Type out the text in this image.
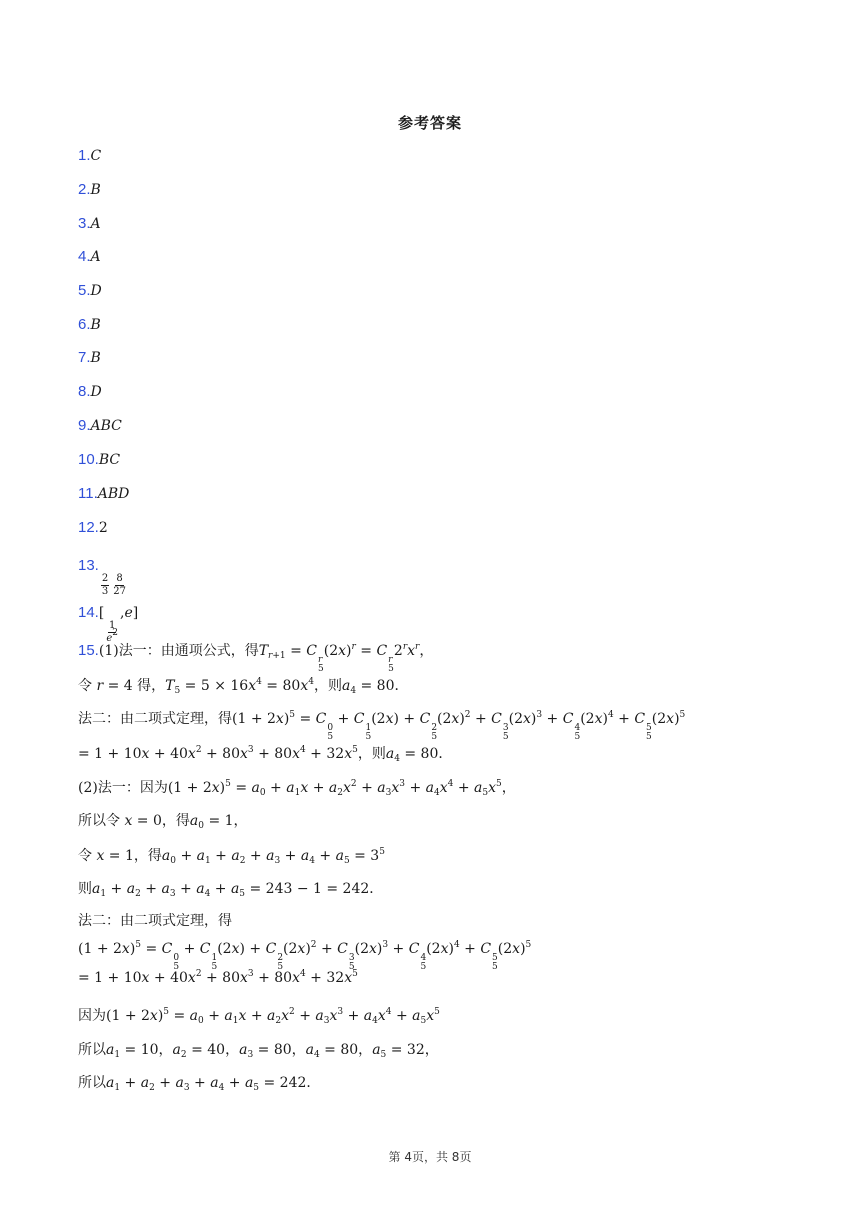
参考答案
1.C
2.B
3.A
4.A
5.D
6.B
7.B
8.D
9.ABC
10.BC
11.ABD
12.2
13.
$\frac{2}{3} \frac{8}{27}$
14.[
$\frac{1}{e^2}$
,e]
15.(1)法一：由通项公式，得$T_{r+1} = C$
r
5
$(2x)^r = C$
r
5
$2^rx^r$，
令 r = 4 得，$T_5 = 5 \times 16x^4 = 80x^4$，则$a_4 = 80$．
法二：由二项式定理，得$(1 + 2x)^5 = C$
0
5
+ C
1
5
(2x) + C
2
5
$(2x)^2 + C$
3
5
$(2x)^3 + C$
4
5
$(2x)^4 + C$
5
5
$(2x)^5$
= $1 + 10x + 40x^2 + 80x^3 + 80x^4 + 32x^5$，则$a_4 = 80$．
(2)法一：因为$(1 + 2x)^5 = a_0 + a_1x + a_2x^2 + a_3x^3 + a_4x^4 + a_5x^5$，
所以令 x = 0，得$a_0 = 1$，
令 x = 1，得$a_0 + a_1 + a_2 + a_3 + a_4 + a_5 = 3^5$
则$a_1 + a_2 + a_3 + a_4 + a_5 = 243 - 1 = 242$．
法二：由二项式定理，得
$(1 + 2x)^5 = C$
0
5
+ C
1
5
(2x) + C
2
5
$(2x)^2 + C$
3
5
$(2x)^3 + C$
4
5
$(2x)^4 + C$
5
5
$(2x)^5$
= $1 + 10x + 40x^2 + 80x^3 + 80x^4 + 32x^5$
因为$(1 + 2x)^5 = a_0 + a_1x + a_2x^2 + a_3x^3 + a_4x^4 + a_5x^5$
所以$a_1 = 10$，$a_2 = 40$，$a_3 = 80$，$a_4 = 80$，$a_5 = 32$，
所以$a_1 + a_2 + a_3 + a_4 + a_5 = 242$．
第 4页，共 8页
